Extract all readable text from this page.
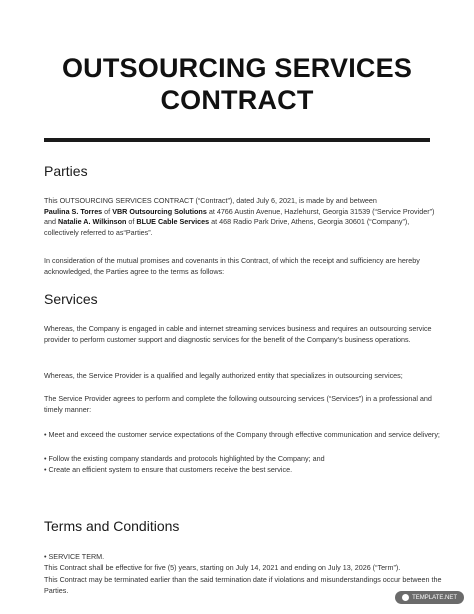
OUTSOURCING SERVICES
CONTRACT
Parties
This OUTSOURCING SERVICES CONTRACT (“Contract”), dated July 6, 2021, is made by and between
Paulina S. Torres of VBR Outsourcing Solutions at 4766 Austin Avenue, Hazlehurst, Georgia 31539 (“Service Provider”) and Natalie A. Wilkinson of BLUE Cable Services at 468 Radio Park Drive, Athens, Georgia 30601 (“Company”), collectively referred to as“Parties”.
In consideration of the mutual promises and covenants in this Contract, of which the receipt and sufficiency are hereby acknowledged, the Parties agree to the terms as follows:
Services
Whereas, the Company is engaged in cable and internet streaming services business and requires an outsourcing service provider to perform customer support and diagnostic services for the benefit of the Company’s business operations.
Whereas, the Service Provider is a qualified and legally authorized entity that specializes in outsourcing services;
The Service Provider agrees to perform and complete the following outsourcing services (“Services”) in a professional and timely manner:
• Meet and exceed the customer service expectations of the Company through effective communication and service delivery;
• Follow the existing company standards and protocols highlighted by the Company; and
• Create an efficient system to ensure that customers receive the best service.
Terms and Conditions
• SERVICE TERM.
This Contract shall be effective for five (5) years, starting on July 14, 2021 and ending on July 13, 2026 (“Term”).
This Contract may be terminated earlier than the said termination date if violations and misunderstandings occur between the Parties.
TEMPLATE.NET
